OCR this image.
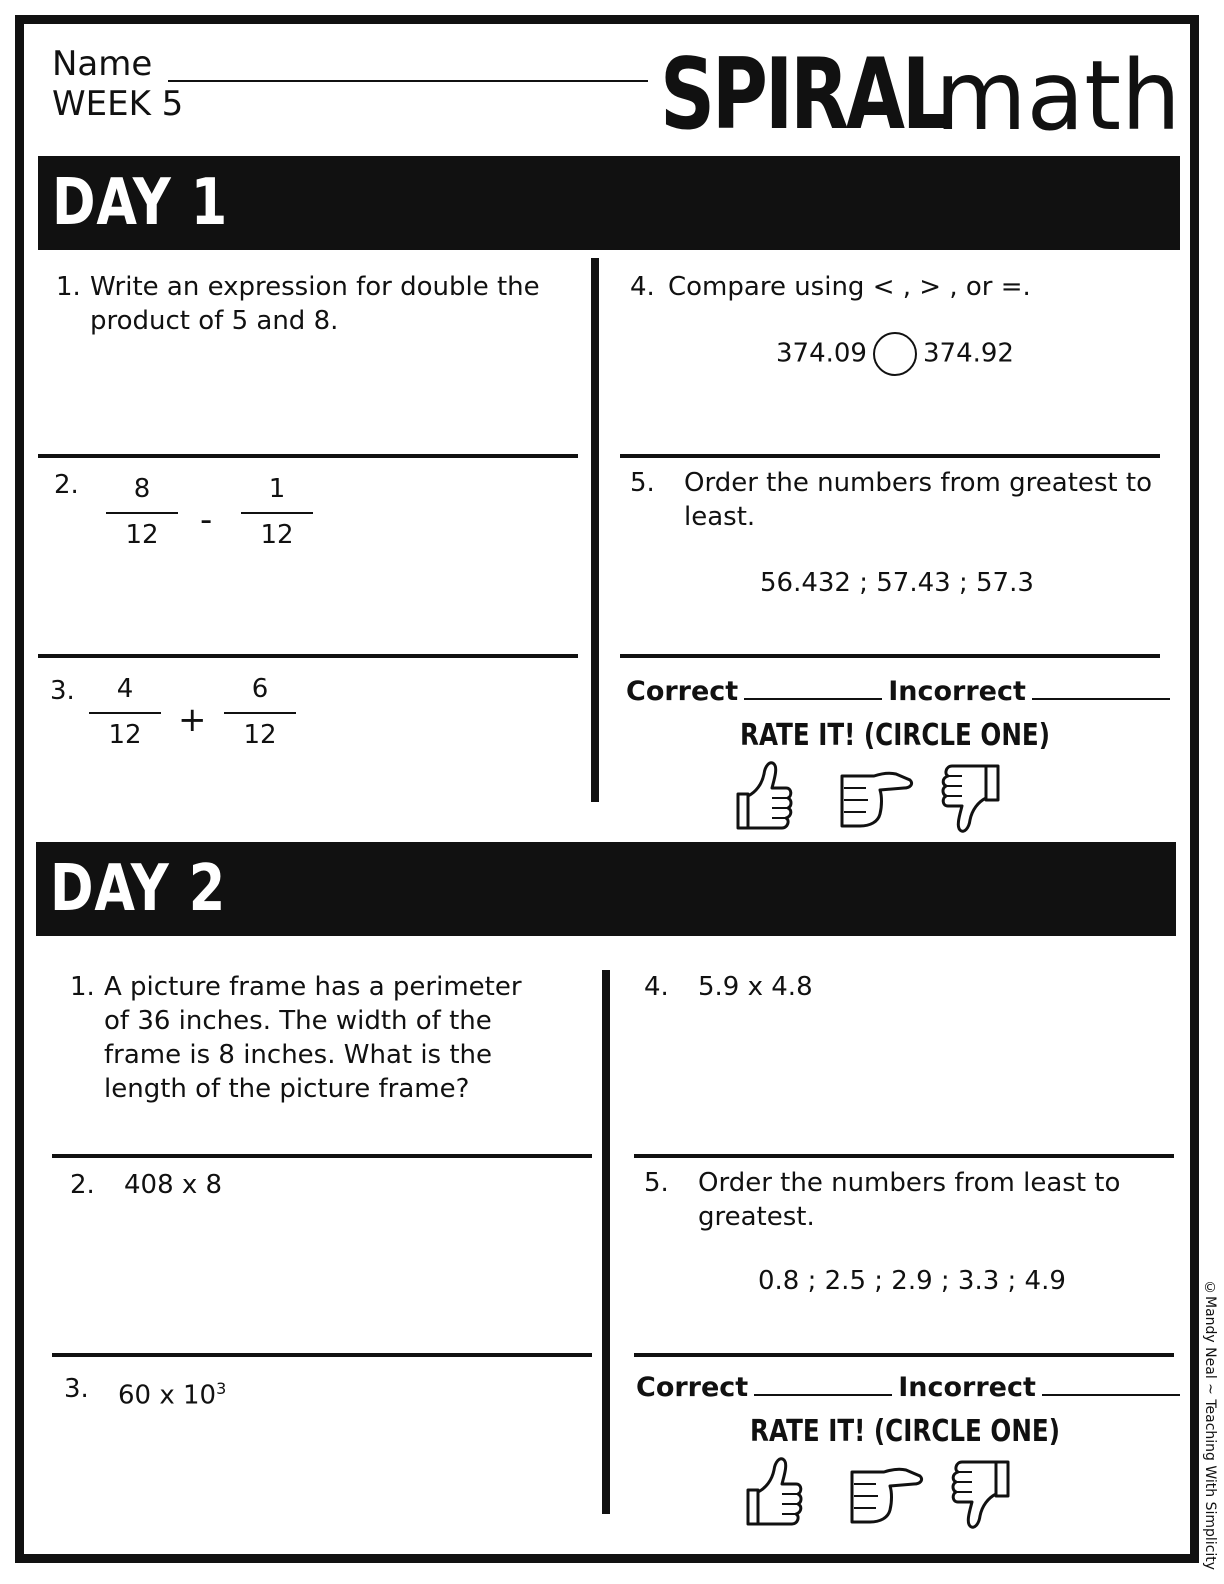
Name
WEEK 5	SPIRAL
math
DAY 1
1. Write an expression for double the product of 5 and 8.
2.	8
12	-
1
12
3.	4
12	+
6
12
4. Compare using < , > , or =.
374.09 374.92
5. Order the numbers from greatest to least.
56.432 ; 57.43 ; 57.3
Correct	Incorrect
RATE IT! (CIRCLE ONE)
DAY 2
1. A picture frame has a perimeter of 36 inches. The width of the frame is 8 inches. What is the length of the picture frame?
2. 408 x 8
3. 60 x $10^3$
4. 5.9 x 4.8
5. Order the numbers from least to greatest.
0.8 ; 2.5 ; 2.9 ; 3.3 ; 4.9
Correct	Incorrect
RATE IT! (CIRCLE ONE)	©Mandy Neal ~ Teaching With Simplicity
